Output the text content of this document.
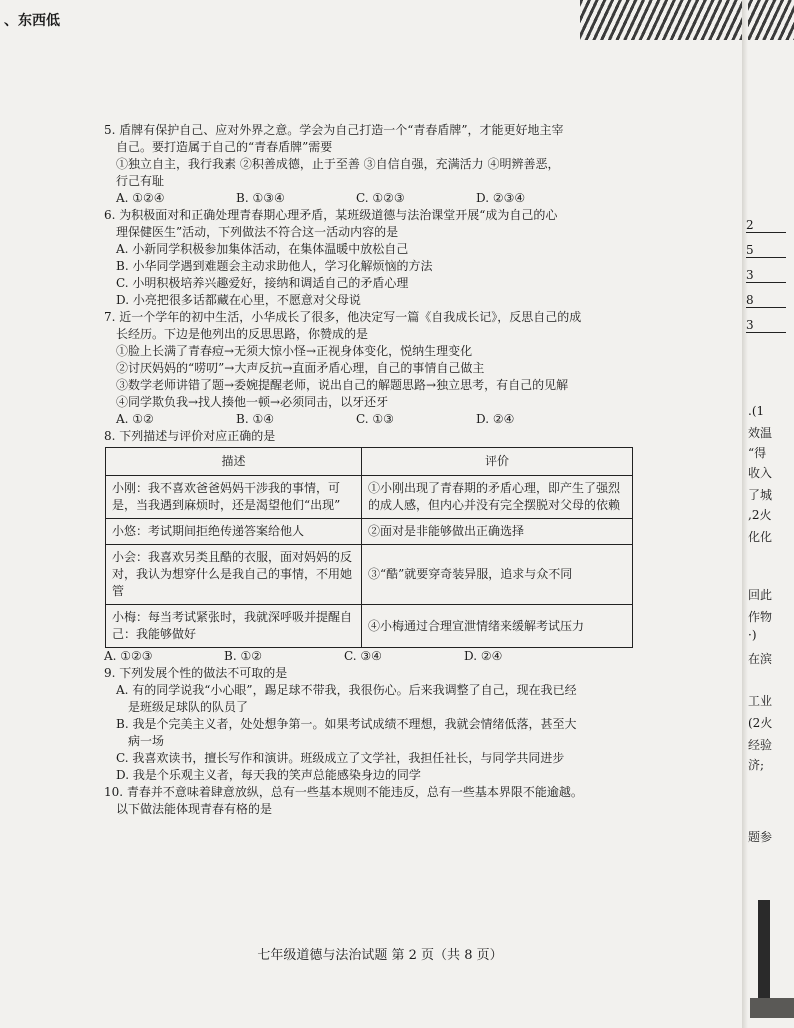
、东西低
2
5
3
8
3
.(1
效温
“得
收入
了城
,2火
化化
回此
作物
·)
在滨
工业
(2火
经验
济;
题参
5. 盾牌有保护自己、应对外界之意。学会为自己打造一个“青春盾牌”，才能更好地主宰
自己。要打造属于自己的“青春盾牌”需要
①独立自主，我行我素 ②积善成德，止于至善 ③自信自强，充满活力 ④明辨善恶，
行己有耻
A. ①②④	B. ①③④	C. ①②③	D. ②③④
6. 为积极面对和正确处理青春期心理矛盾，某班级道德与法治课堂开展“成为自己的心
理保健医生”活动，下列做法不符合这一活动内容的是
A. 小新同学积极参加集体活动，在集体温暖中放松自己
B. 小华同学遇到难题会主动求助他人，学习化解烦恼的方法
C. 小明积极培养兴趣爱好，接纳和调适自己的矛盾心理
D. 小亮把很多话都藏在心里，不愿意对父母说
7. 近一个学年的初中生活，小华成长了很多，他决定写一篇《自我成长记》，反思自己的成
长经历。下边是他列出的反思思路，你赞成的是
①脸上长满了青春痘→无须大惊小怪→正视身体变化，悦纳生理变化
②讨厌妈妈的“唠叨”→大声反抗→直面矛盾心理，自己的事情自己做主
③数学老师讲错了题→委婉提醒老师，说出自己的解题思路→独立思考，有自己的见解
④同学欺负我→找人揍他一顿→必须同击，以牙还牙
A. ①②	B. ①④	C. ①③	D. ②④
8. 下列描述与评价对应正确的是
描述	评价
小刚：我不喜欢爸爸妈妈干涉我的事情，可是，当我遇到麻烦时，还是渴望他们“出现”	①小刚出现了青春期的矛盾心理，即产生了强烈的成人感，但内心并没有完全摆脱对父母的依赖
小悠：考试期间拒绝传递答案给他人	②面对是非能够做出正确选择
小会：我喜欢另类且酷的衣服，面对妈妈的反对，我认为想穿什么是我自己的事情，不用她管	③“酷”就要穿奇装异服，追求与众不同
小梅：每当考试紧张时，我就深呼吸并提醒自己：我能够做好	④小梅通过合理宣泄情绪来缓解考试压力
A. ①②③	B. ①②	C. ③④	D. ②④
9. 下列发展个性的做法不可取的是
A. 有的同学说我“小心眼”，踢足球不带我，我很伤心。后来我调整了自己，现在我已经
是班级足球队的队员了
B. 我是个完美主义者，处处想争第一。如果考试成绩不理想，我就会情绪低落，甚至大
病一场
C. 我喜欢读书，擅长写作和演讲。班级成立了文学社，我担任社长，与同学共同进步
D. 我是个乐观主义者，每天我的笑声总能感染身边的同学
10. 青春并不意味着肆意放纵，总有一些基本规则不能违反，总有一些基本界限不能逾越。
以下做法能体现青春有格的是
七年级道德与法治试题 第 2 页（共 8 页）
